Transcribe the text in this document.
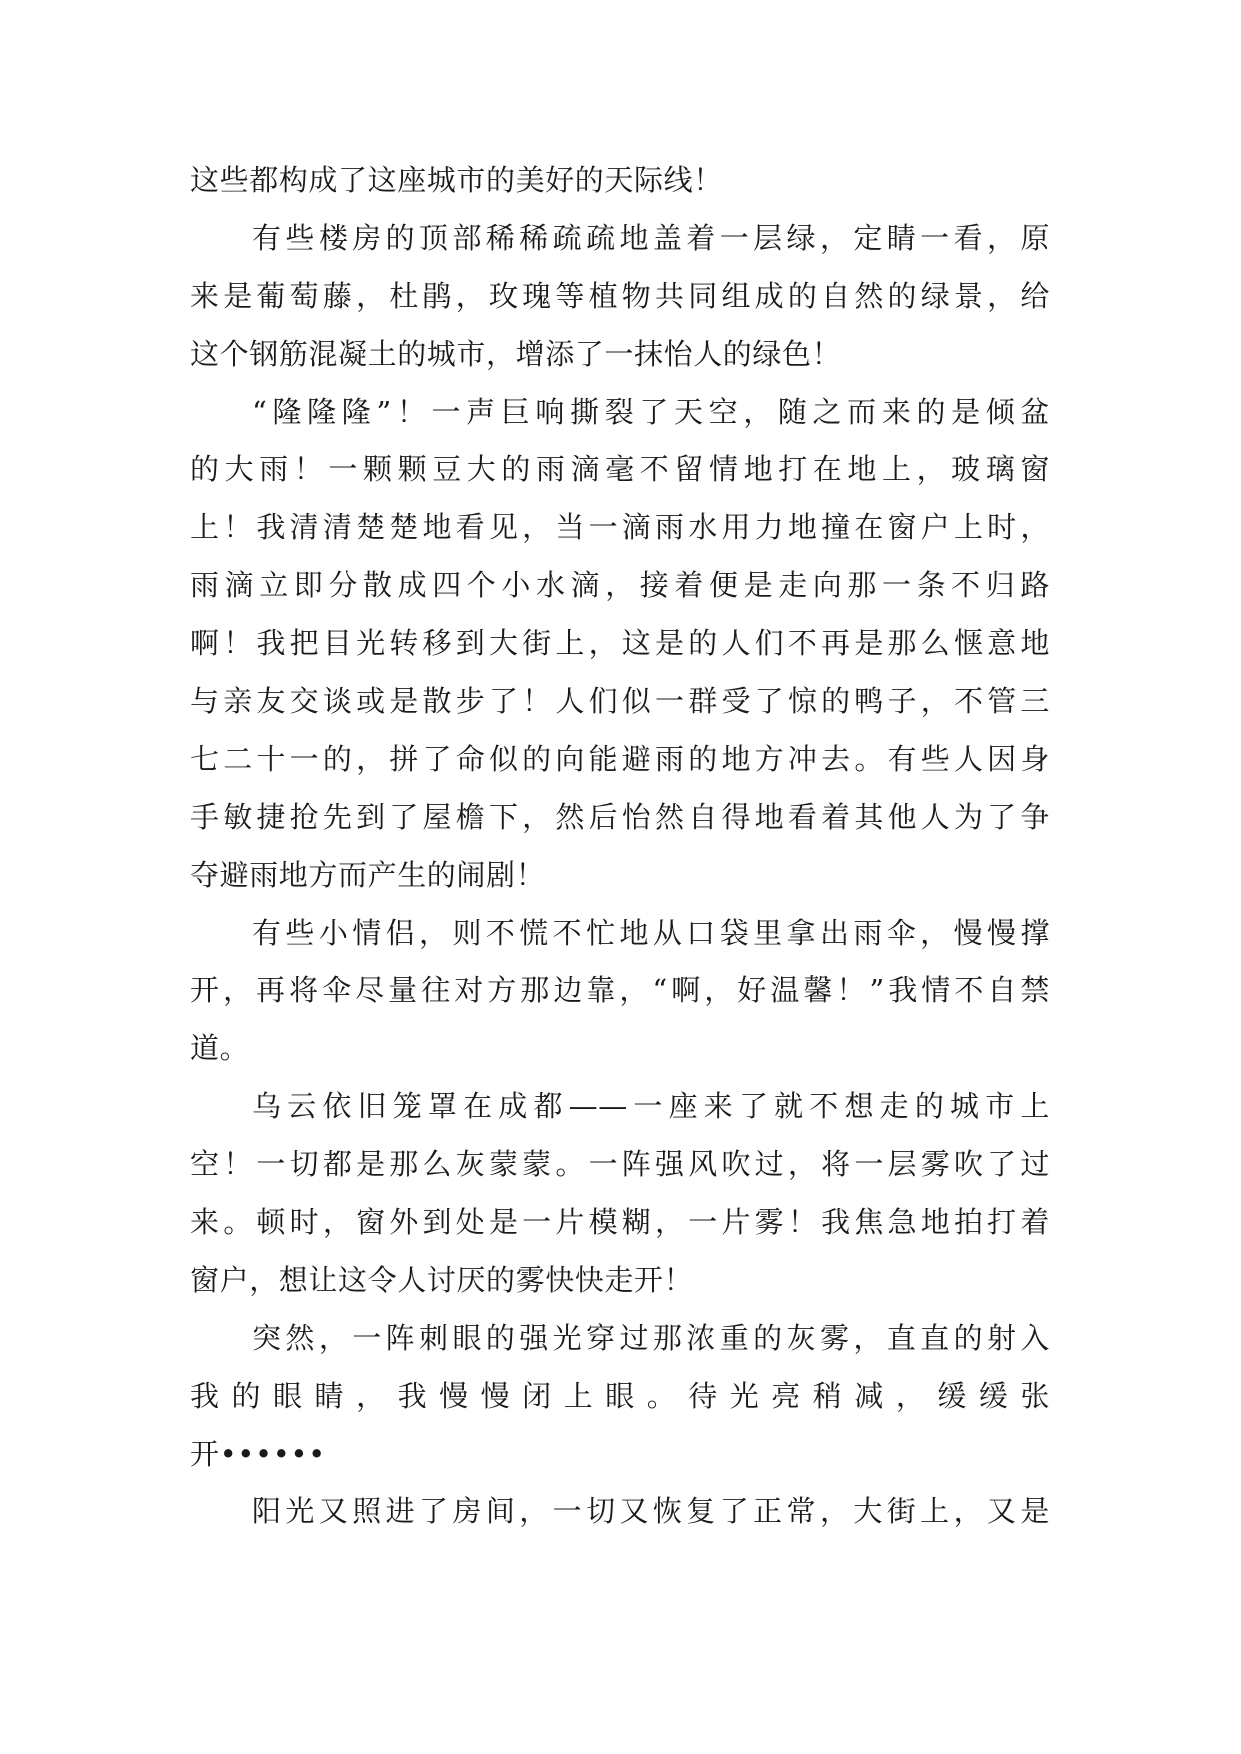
这些都构成了这座城市的美好的天际线！
有些楼房的顶部稀稀疏疏地盖着一层绿，定睛一看，原
来是葡萄藤，杜鹃，玫瑰等植物共同组成的自然的绿景，给
这个钢筋混凝土的城市，增添了一抹怡人的绿色！
“隆隆隆”！一声巨响撕裂了天空，随之而来的是倾盆
的大雨！一颗颗豆大的雨滴毫不留情地打在地上，玻璃窗
上！我清清楚楚地看见，当一滴雨水用力地撞在窗户上时，
雨滴立即分散成四个小水滴，接着便是走向那一条不归路
啊！我把目光转移到大街上，这是的人们不再是那么惬意地
与亲友交谈或是散步了！人们似一群受了惊的鸭子，不管三
七二十一的，拼了命似的向能避雨的地方冲去。有些人因身
手敏捷抢先到了屋檐下，然后怡然自得地看着其他人为了争
夺避雨地方而产生的闹剧！
有些小情侣，则不慌不忙地从口袋里拿出雨伞，慢慢撑
开，再将伞尽量往对方那边靠，“啊，好温馨！”我情不自禁
道。
乌云依旧笼罩在成都——一座来了就不想走的城市上
空！一切都是那么灰蒙蒙。一阵强风吹过，将一层雾吹了过
来。顿时，窗外到处是一片模糊，一片雾！我焦急地拍打着
窗户，想让这令人讨厌的雾快快走开！
突然，一阵刺眼的强光穿过那浓重的灰雾，直直的射入
我的眼睛，我慢慢闭上眼。待光亮稍减，缓缓张
开••••••
阳光又照进了房间，一切又恢复了正常，大街上，又是
